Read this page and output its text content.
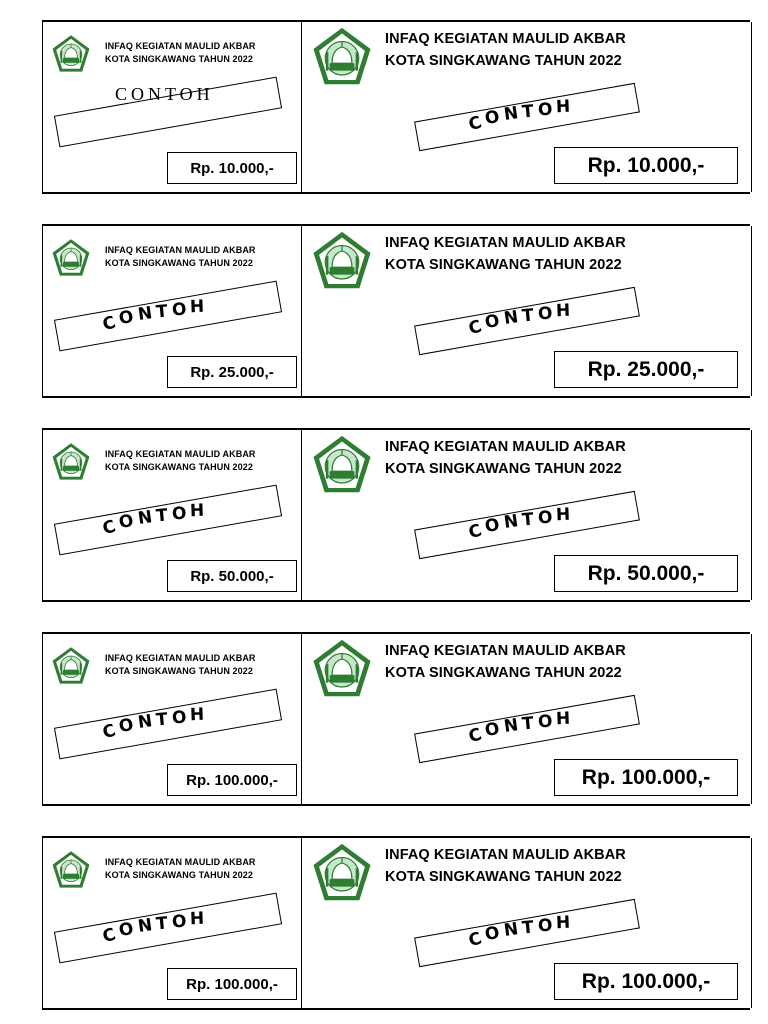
INFAQ KEGIATAN MAULID AKBAR
KOTA SINGKAWANG TAHUN 2022
CONTOH
Rp. 10.000,-
INFAQ KEGIATAN MAULID AKBAR
KOTA SINGKAWANG TAHUN 2022
CON T O H
Rp. 10.000,-
INFAQ KEGIATAN MAULID AKBAR
KOTA SINGKAWANG TAHUN 2022
CON T O H
Rp. 25.000,-
INFAQ KEGIATAN MAULID AKBAR
KOTA SINGKAWANG TAHUN 2022
CON T O H
Rp. 25.000,-
INFAQ KEGIATAN MAULID AKBAR
KOTA SINGKAWANG TAHUN 2022
CON T O H
Rp. 50.000,-
INFAQ KEGIATAN MAULID AKBAR
KOTA SINGKAWANG TAHUN 2022
CON T O H
Rp. 50.000,-
INFAQ KEGIATAN MAULID AKBAR
KOTA SINGKAWANG TAHUN 2022
CON T O H
Rp. 100.000,-
INFAQ KEGIATAN MAULID AKBAR
KOTA SINGKAWANG TAHUN 2022
CON T O H
Rp. 100.000,-
INFAQ KEGIATAN MAULID AKBAR
KOTA SINGKAWANG TAHUN 2022
CON T O H
Rp. 100.000,-
INFAQ KEGIATAN MAULID AKBAR
KOTA SINGKAWANG TAHUN 2022
CON T O H
Rp. 100.000,-
